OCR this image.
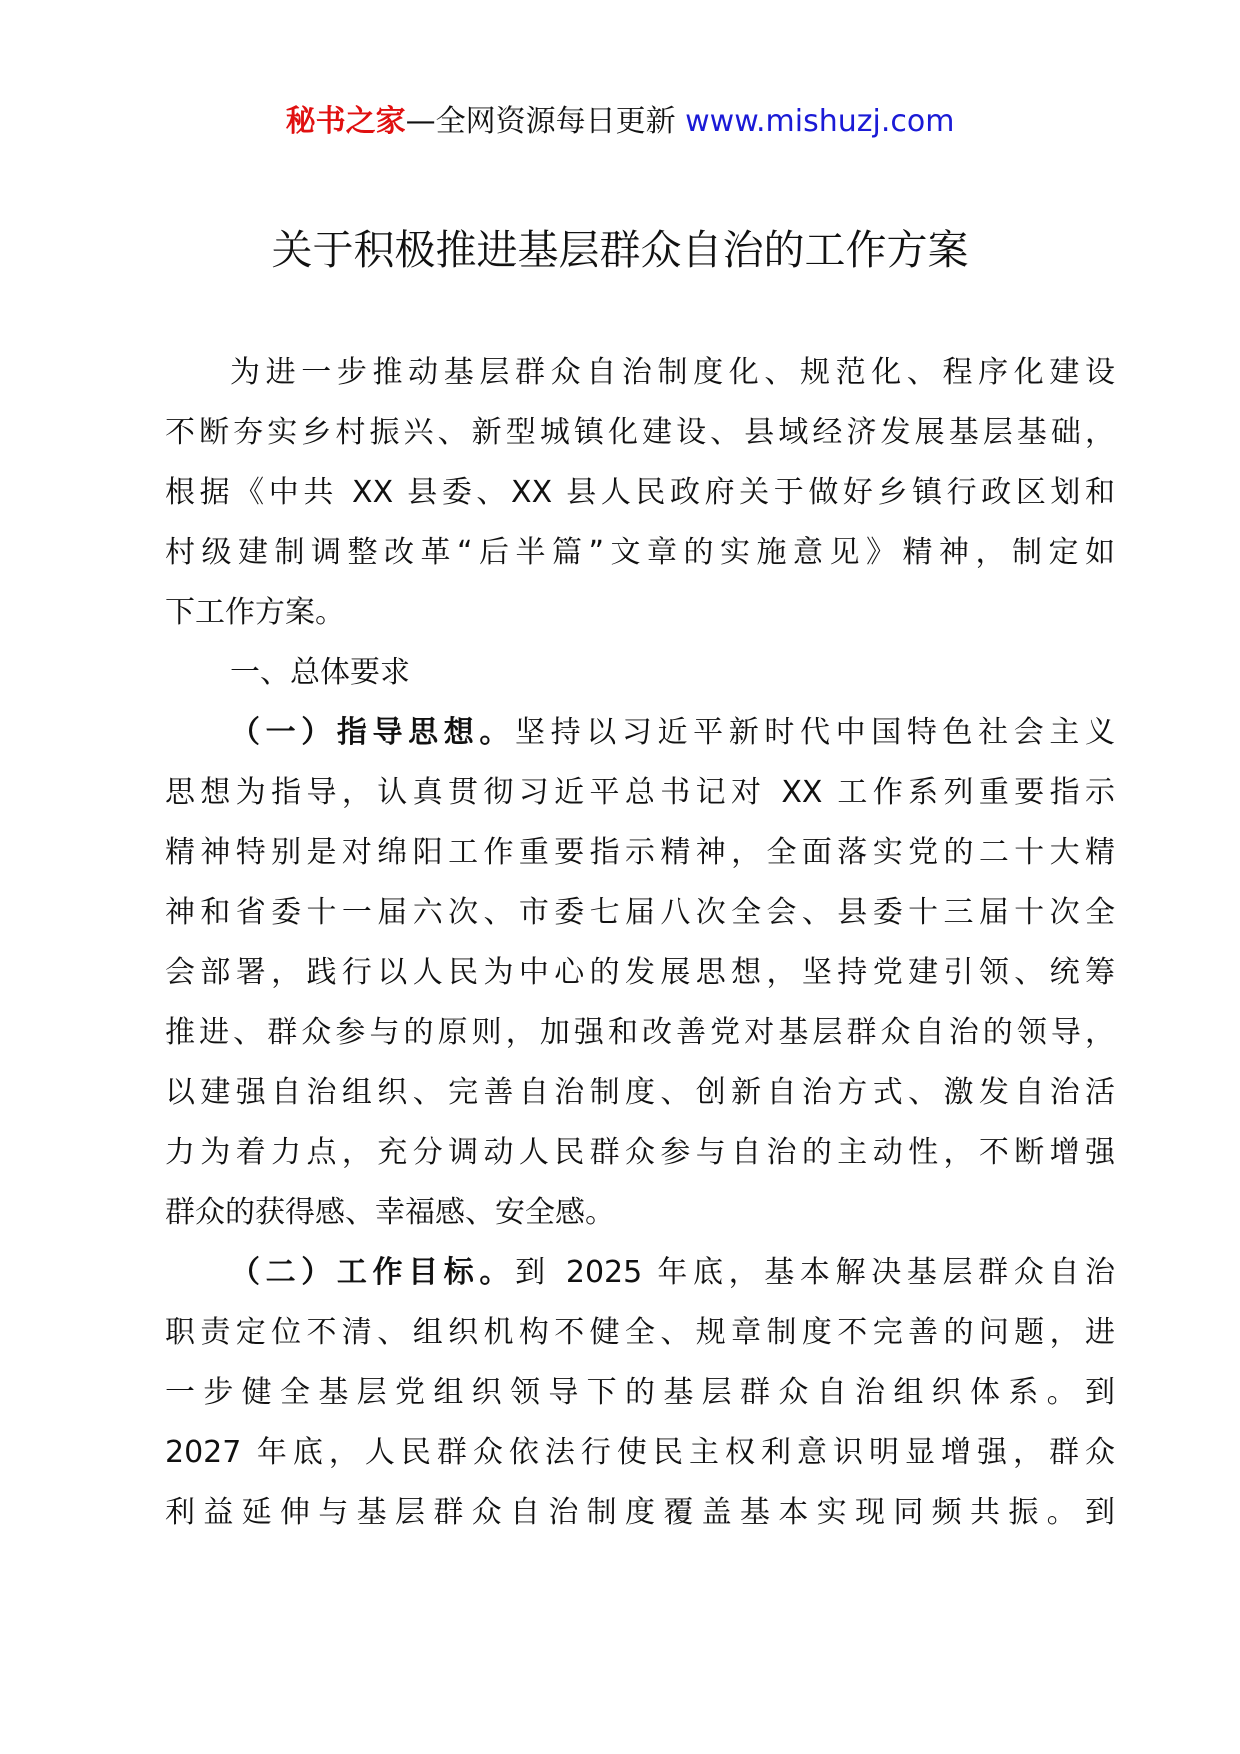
秘书之家—全网资源每日更新 www.mishuzj.com
关于积极推进基层群众自治的工作方案
为进一步推动基层群众自治制度化、规范化、程序化建设
不断夯实乡村振兴、新型城镇化建设、县域经济发展基层基础，
根据《中共 XX 县委、XX 县人民政府关于做好乡镇行政区划和
村级建制调整改革“后半篇”文章的实施意见》精神，制定如
下工作方案。
一、总体要求
（一）指导思想。坚持以习近平新时代中国特色社会主义
思想为指导，认真贯彻习近平总书记对 XX 工作系列重要指示
精神特别是对绵阳工作重要指示精神，全面落实党的二十大精
神和省委十一届六次、市委七届八次全会、县委十三届十次全
会部署，践行以人民为中心的发展思想，坚持党建引领、统筹
推进、群众参与的原则，加强和改善党对基层群众自治的领导，
以建强自治组织、完善自治制度、创新自治方式、激发自治活
力为着力点，充分调动人民群众参与自治的主动性，不断增强
群众的获得感、幸福感、安全感。
（二）工作目标。到 2025 年底，基本解决基层群众自治
职责定位不清、组织机构不健全、规章制度不完善的问题，进
一步健全基层党组织领导下的基层群众自治组织体系。到
2027 年底，人民群众依法行使民主权利意识明显增强，群众
利益延伸与基层群众自治制度覆盖基本实现同频共振。到
